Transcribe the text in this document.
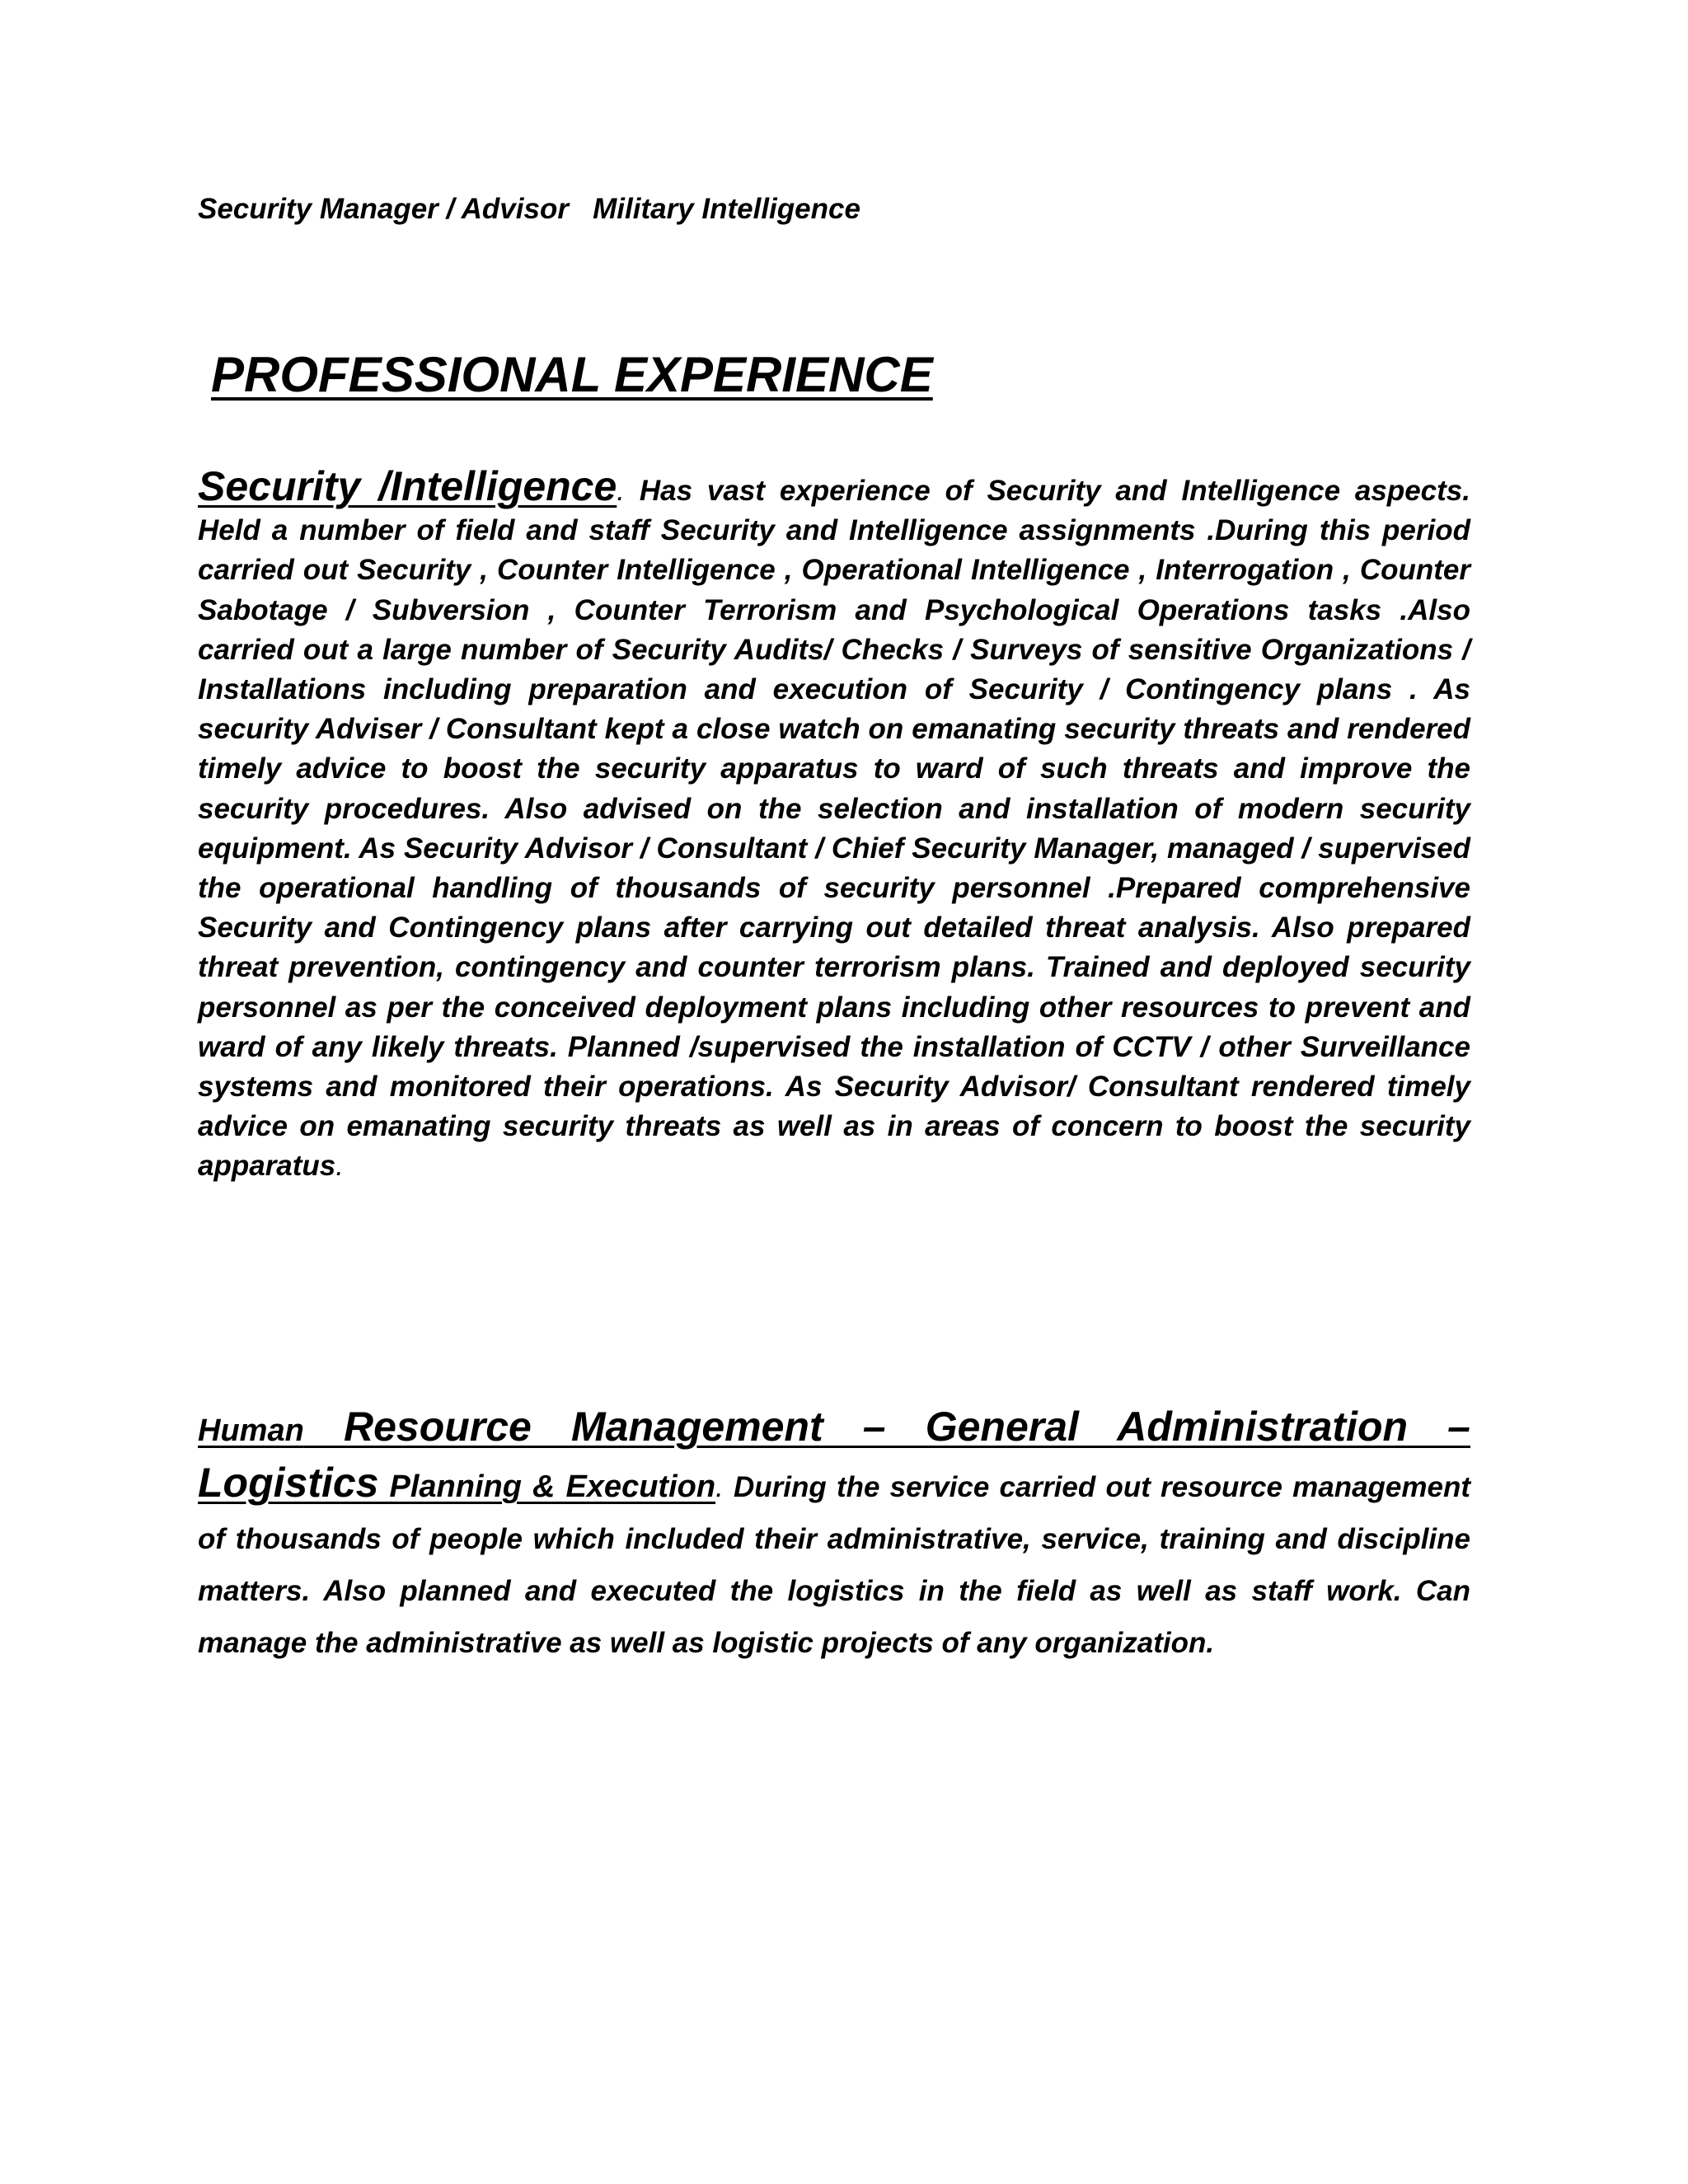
Security Manager / Advisor   Military Intelligence

PROFESSIONAL EXPERIENCE

Security /Intelligence. Has vast experience of Security and Intelligence aspects. Held a number of field and staff Security and Intelligence assignments .During this period carried out Security , Counter Intelligence , Operational Intelligence , Interrogation , Counter Sabotage / Subversion , Counter Terrorism and Psychological Operations tasks .Also carried out a large number of Security Audits/ Checks / Surveys of sensitive Organizations / Installations including preparation and execution of Security / Contingency plans . As security Adviser / Consultant kept a close watch on emanating security threats and rendered timely advice to boost the security apparatus to ward of such threats and improve the security procedures. Also advised on the selection and installation of modern security equipment. As Security Advisor / Consultant / Chief Security Manager, managed / supervised the operational handling of thousands of security personnel .Prepared comprehensive Security and Contingency plans after carrying out detailed threat analysis. Also prepared threat prevention, contingency and counter terrorism plans. Trained and deployed security personnel as per the conceived deployment plans including other resources to prevent and ward of any likely threats. Planned /supervised the installation of CCTV / other Surveillance systems and monitored their operations. As Security Advisor/ Consultant rendered timely advice on emanating security threats as well as in areas of concern to boost the security apparatus.

Human Resource Management – General Administration – Logistics Planning & Execution. During the service carried out resource management of thousands of people which included their administrative, service, training and discipline matters. Also planned and executed the logistics in the field as well as staff work. Can manage the administrative as well as logistic projects of any organization.
